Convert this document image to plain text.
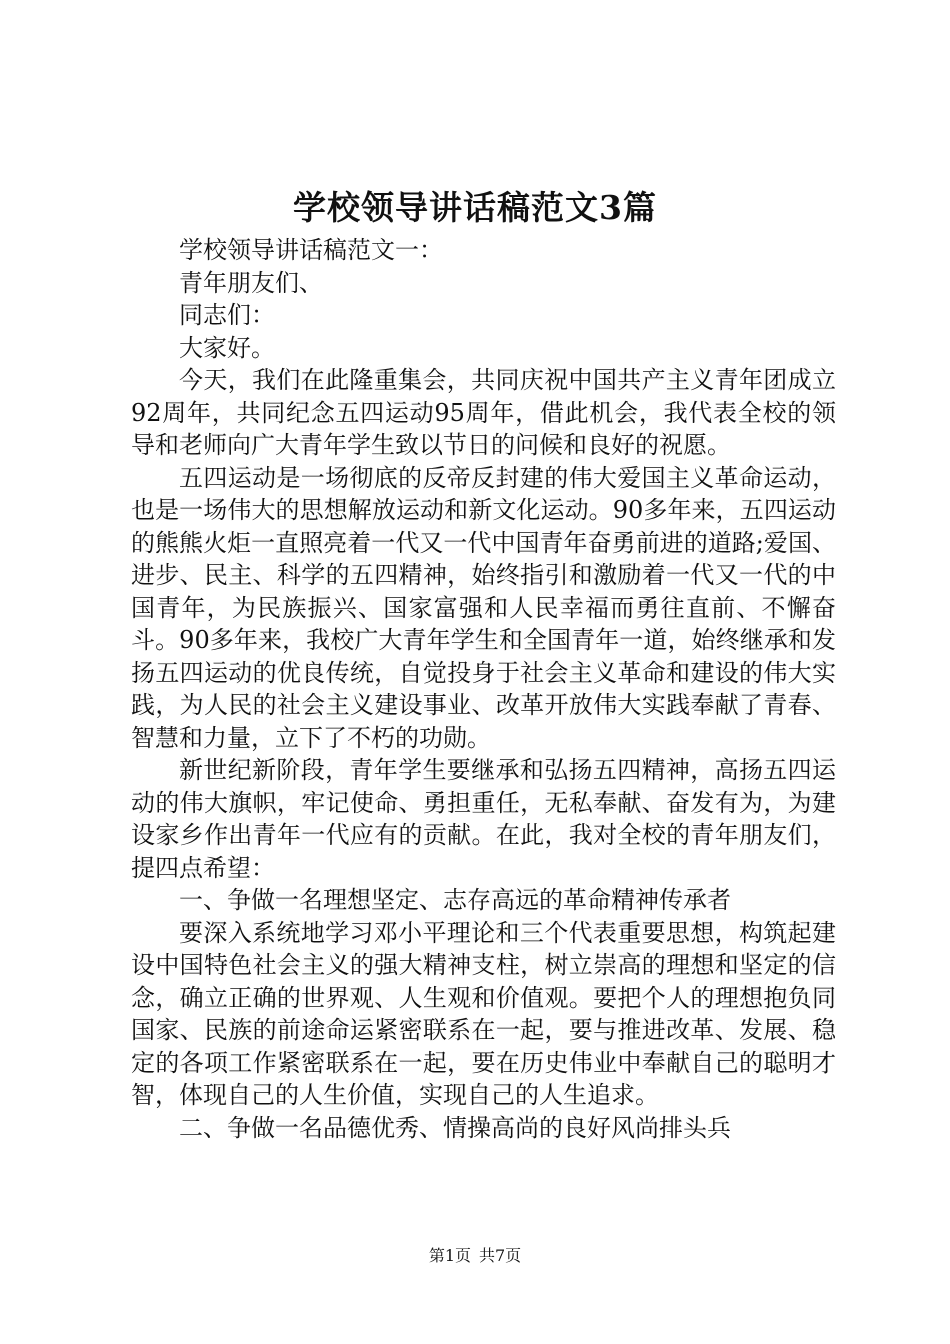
学校领导讲话稿范文3篇

学校领导讲话稿范文一：

青年朋友们、

同志们：

大家好。

今天，我们在此隆重集会，共同庆祝中国共产主义青年团成立92周年，共同纪念五四运动95周年，借此机会，我代表全校的领导和老师向广大青年学生致以节日的问候和良好的祝愿。

五四运动是一场彻底的反帝反封建的伟大爱国主义革命运动，也是一场伟大的思想解放运动和新文化运动。90多年来，五四运动的熊熊火炬一直照亮着一代又一代中国青年奋勇前进的道路;爱国、进步、民主、科学的五四精神，始终指引和激励着一代又一代的中国青年，为民族振兴、国家富强和人民幸福而勇往直前、不懈奋斗。90多年来，我校广大青年学生和全国青年一道，始终继承和发扬五四运动的优良传统，自觉投身于社会主义革命和建设的伟大实践，为人民的社会主义建设事业、改革开放伟大实践奉献了青春、智慧和力量，立下了不朽的功勋。

新世纪新阶段，青年学生要继承和弘扬五四精神，高扬五四运动的伟大旗帜，牢记使命、勇担重任，无私奉献、奋发有为，为建设家乡作出青年一代应有的贡献。在此，我对全校的青年朋友们，提四点希望：

一、争做一名理想坚定、志存高远的革命精神传承者

要深入系统地学习邓小平理论和三个代表重要思想，构筑起建设中国特色社会主义的强大精神支柱，树立崇高的理想和坚定的信念，确立正确的世界观、人生观和价值观。要把个人的理想抱负同国家、民族的前途命运紧密联系在一起，要与推进改革、发展、稳定的各项工作紧密联系在一起，要在历史伟业中奉献自己的聪明才智，体现自己的人生价值，实现自己的人生追求。

二、争做一名品德优秀、情操高尚的良好风尚排头兵

第1页 共7页
